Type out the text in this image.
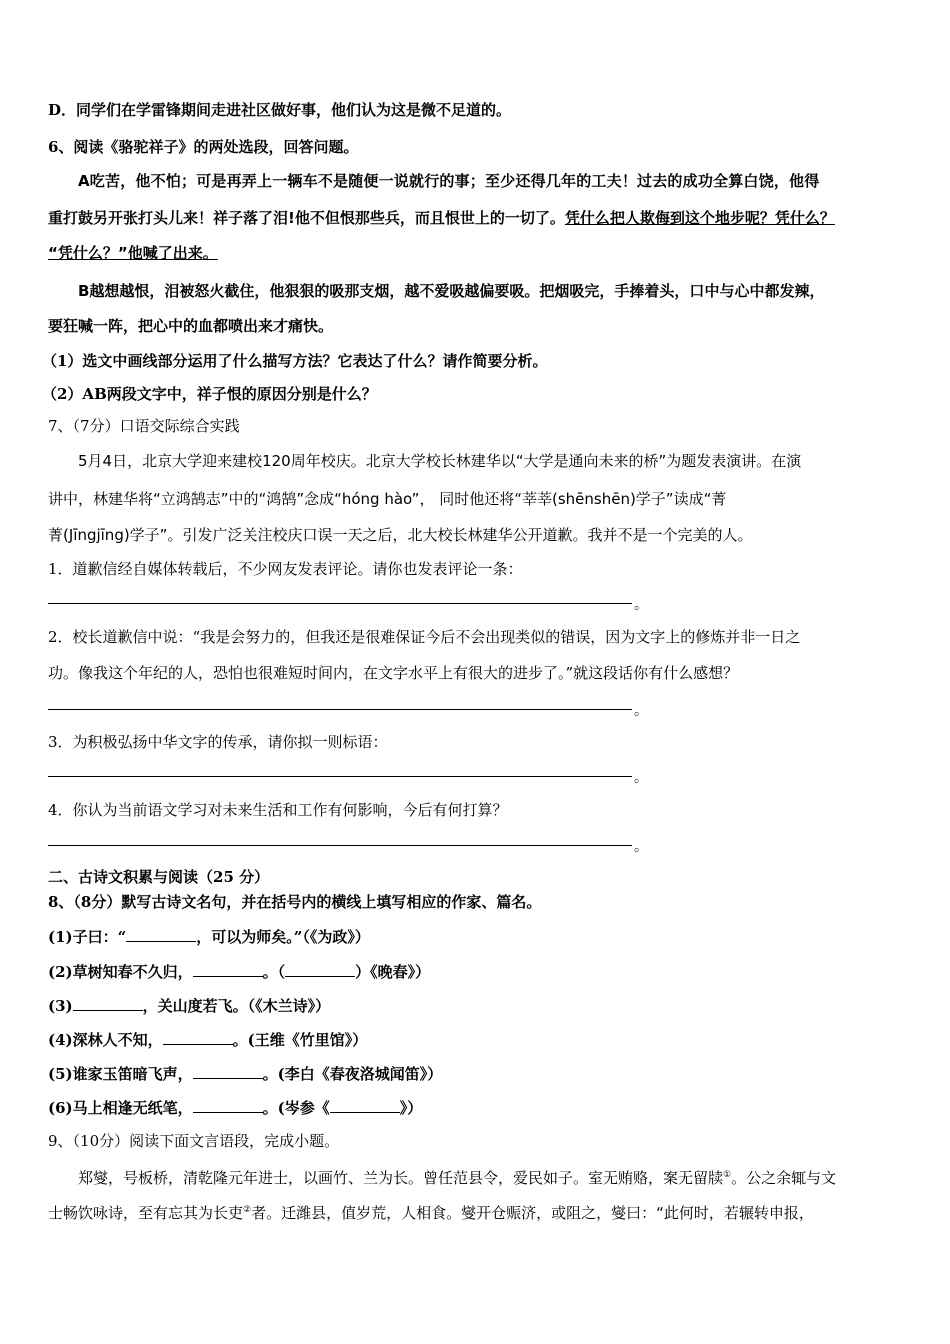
D．同学们在学雷锋期间走进社区做好事，他们认为这是微不足道的。
6、阅读《骆驼祥子》的两处选段，回答问题。
A吃苦，他不怕；可是再弄上一辆车不是随便一说就行的事；至少还得几年的工夫！过去的成功全算白饶，他得
重打鼓另开张打头儿来！祥子落了泪!他不但恨那些兵，而且恨世上的一切了。凭什么把人欺侮到这个地步呢？凭什么？
“凭什么？”他喊了出来。
B越想越恨，泪被怒火截住，他狠狠的吸那支烟，越不爱吸越偏要吸。把烟吸完，手捧着头，口中与心中都发辣，
要狂喊一阵，把心中的血都喷出来才痛快。
（1）选文中画线部分运用了什么描写方法？它表达了什么？请作简要分析。
（2）AB两段文字中，祥子恨的原因分别是什么？
7、（7分）口语交际综合实践
5月4日，北京大学迎来建校120周年校庆。北京大学校长林建华以“大学是通向未来的桥”为题发表演讲。在演
讲中，林建华将“立鸿鹄志”中的“鸿鹄”念成“hóng hào”， 同时他还将“莘莘(shēnshēn)学子”读成“菁
菁(Jīngjīng)学子”。引发广泛关注校庆口误一天之后，北大校长林建华公开道歉。我并不是一个完美的人。
1．道歉信经自媒体转载后，不少网友发表评论。请你也发表评论一条：
。
2．校长道歉信中说：“我是会努力的，但我还是很难保证今后不会出现类似的错误，因为文字上的修炼并非一日之
功。像我这个年纪的人，恐怕也很难短时间内，在文字水平上有很大的进步了。”就这段话你有什么感想？
。
3．为积极弘扬中华文字的传承，请你拟一则标语：
。
4．你认为当前语文学习对未来生活和工作有何影响，今后有何打算？
。
二、古诗文积累与阅读（25 分）
8、（8分）默写古诗文名句，并在括号内的横线上填写相应的作家、篇名。
(1)子曰：“	，可以为师矣。”（《为政》）
(2)草树知春不久归，	。（	）《晚春》）
(3)	，关山度若飞。（《木兰诗》）
(4)深林人不知，	。(王维《竹里馆》）
(5)谁家玉笛暗飞声，	。(李白《春夜洛城闻笛》）
(6)马上相逢无纸笔，	。(岑参《	》）
9、（10分）阅读下面文言语段，完成小题。
郑燮，号板桥，清乾隆元年进士，以画竹、兰为长。曾任范县令，爱民如子。室无贿赂，案无留牍①。公之余辄与文
士畅饮咏诗，至有忘其为长吏②者。迁潍县，值岁荒，人相食。燮开仓赈济，或阻之，燮曰：“此何时，若辗转申报，
